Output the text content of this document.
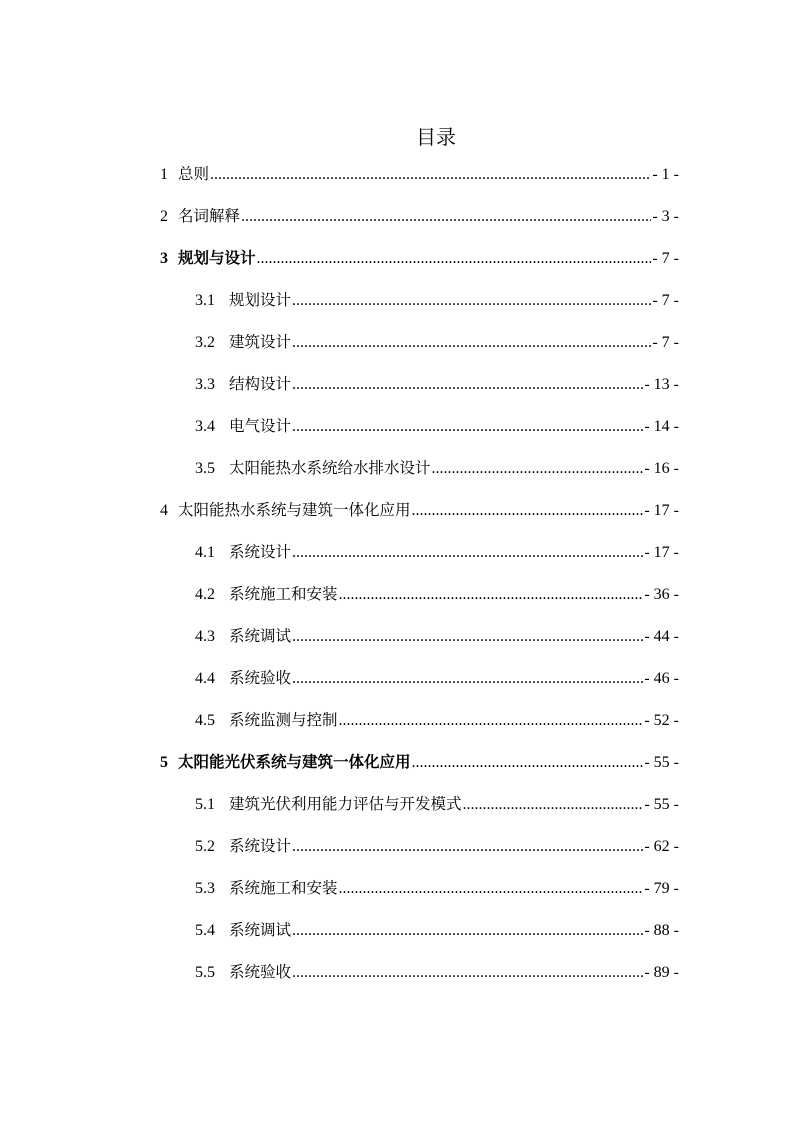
目录
1 总则 .....	- 1 -
2 名词解释 .....	- 3 -
3 规划与设计 .....	- 7 -
3.1 规划设计 .....	- 7 -
3.2 建筑设计 .....	- 7 -
3.3 结构设计 .....	- 13 -
3.4 电气设计 .....	- 14 -
3.5 太阳能热水系统给水排水设计 .....	- 16 -
4 太阳能热水系统与建筑一体化应用 .....	- 17 -
4.1 系统设计 .....	- 17 -
4.2 系统施工和安装 .....	- 36 -
4.3 系统调试 .....	- 44 -
4.4 系统验收 .....	- 46 -
4.5 系统监测与控制 .....	- 52 -
5 太阳能光伏系统与建筑一体化应用 .....	- 55 -
5.1 建筑光伏利用能力评估与开发模式 .....	- 55 -
5.2 系统设计 .....	- 62 -
5.3 系统施工和安装 .....	- 79 -
5.4 系统调试 .....	- 88 -
5.5 系统验收 .....	- 89 -
